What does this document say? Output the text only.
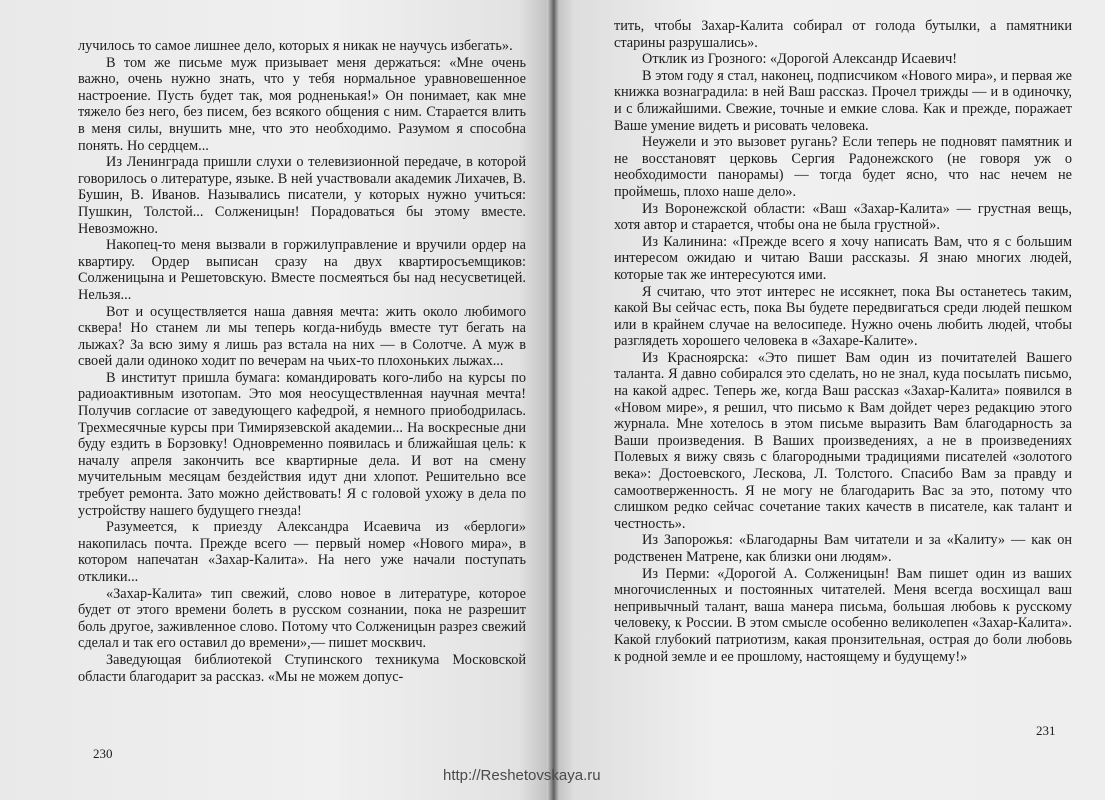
лучилось то самое лишнее дело, которых я никак не научусь избегать».

В том же письме муж призывает меня держаться: «Мне очень важно, очень нужно знать, что у тебя нормальное уравновешенное настроение. Пусть будет так, моя родненькая!» Он понимает, как мне тяжело без него, без писем, без всякого общения с ним. Старается влить в меня силы, внушить мне, что это необходимо. Разумом я способна понять. Но сердцем...

Из Ленинграда пришли слухи о телевизионной передаче, в которой говорилось о литературе, языке. В ней участвовали академик Лихачев, В. Бушин, В. Иванов. Назывались писатели, у которых нужно учиться: Пушкин, Толстой... Солженицын! Порадоваться бы этому вместе. Невозможно.

Накопец-то меня вызвали в горжилуправление и вручили ордер на квартиру. Ордер выписан сразу на двух квартиросъемщиков: Солженицына и Решетовскую. Вместе посмеяться бы над несусветицей. Нельзя...

Вот и осуществляется наша давняя мечта: жить около любимого сквера! Но станем ли мы теперь когда-нибудь вместе тут бегать на лыжах? За всю зиму я лишь раз встала на них — в Солотче. А муж в своей дали одиноко ходит по вечерам на чьих-то плохоньких лыжах...

В институт пришла бумага: командировать кого-либо на курсы по радиоактивным изотопам. Это моя неосуществленная научная мечта! Получив согласие от заведующего кафедрой, я немного приободрилась. Трехмесячные курсы при Тимирязевской академии... На воскресные дни буду ездить в Борзовку! Одновременно появилась и ближайшая цель: к началу апреля закончить все квартирные дела. И вот на смену мучительным месяцам бездействия идут дни хлопот. Решительно все требует ремонта. Зато можно действовать! Я с головой ухожу в дела по устройству нашего будущего гнезда!

Разумеется, к приезду Александра Исаевича из «берлоги» накопилась почта. Прежде всего — первый номер «Нового мира», в котором напечатан «Захар-Калита». На него уже начали поступать отклики...

«Захар-Калита» тип свежий, слово новое в литературе, которое будет от этого времени болеть в русском сознании, пока не разрешит боль другое, заживленное слово. Потому что Солженицын разрез свежий сделал и так его оставил до времени»,— пишет москвич.

Заведующая библиотекой Ступинского техникума Московской области благодарит за рассказ. «Мы не можем допус-

230

тить, чтобы Захар-Калита собирал от голода бутылки, а памятники старины разрушались».

Отклик из Грозного: «Дорогой Александр Исаевич!

В этом году я стал, наконец, подписчиком «Нового мира», и первая же книжка вознаградила: в ней Ваш рассказ. Прочел трижды — и в одиночку, и с ближайшими. Свежие, точные и емкие слова. Как и прежде, поражает Ваше умение видеть и рисовать человека.

Неужели и это вызовет ругань? Если теперь не подновят памятник и не восстановят церковь Сергия Радонежского (не говоря уж о необходимости панорамы) — тогда будет ясно, что нас нечем не проймешь, плохо наше дело».

Из Воронежской области: «Ваш «Захар-Калита» — грустная вещь, хотя автор и старается, чтобы она не была грустной».

Из Калинина: «Прежде всего я хочу написать Вам, что я с большим интересом ожидаю и читаю Ваши рассказы. Я знаю многих людей, которые так же интересуются ими.

Я считаю, что этот интерес не иссякнет, пока Вы останетесь таким, какой Вы сейчас есть, пока Вы будете передвигаться среди людей пешком или в крайнем случае на велосипеде. Нужно очень любить людей, чтобы разглядеть хорошего человека в «Захаре-Калите».

Из Красноярска: «Это пишет Вам один из почитателей Вашего таланта. Я давно собирался это сделать, но не знал, куда посылать письмо, на какой адрес. Теперь же, когда Ваш рассказ «Захар-Калита» появился в «Новом мире», я решил, что письмо к Вам дойдет через редакцию этого журнала. Мне хотелось в этом письме выразить Вам благодарность за Ваши произведения. В Ваших произведениях, а не в произведениях Полевых я вижу связь с благородными традициями писателей «золотого века»: Достоевского, Лескова, Л. Толстого. Спасибо Вам за правду и самоотверженность. Я не могу не благодарить Вас за это, потому что слишком редко сейчас сочетание таких качеств в писателе, как талант и честность».

Из Запорожья: «Благодарны Вам читатели и за «Калиту» — как он родственен Матрене, как близки они людям».

Из Перми: «Дорогой А. Солженицын! Вам пишет один из ваших многочисленных и постоянных читателей. Меня всегда восхищал ваш непривычный талант, ваша манера письма, большая любовь к русскому человеку, к России. В этом смысле особенно великолепен «Захар-Калита». Какой глубокий патриотизм, какая пронзительная, острая до боли любовь к родной земле и ее прошлому, настоящему и будущему!»

231
http://Reshetovskaya.ru
